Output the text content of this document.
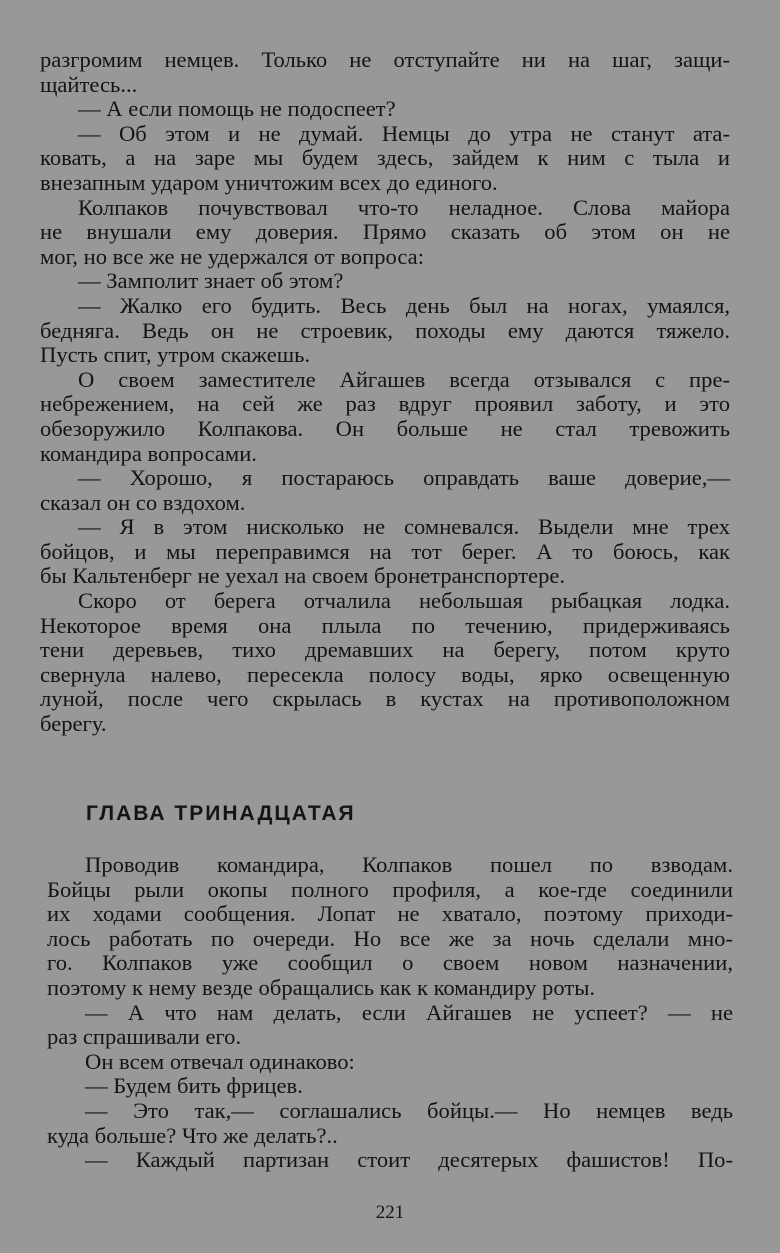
разгромим немцев. Только не отступайте ни на шаг, защи-
щайтесь...
— А если помощь не подоспеет?
— Об этом и не думай. Немцы до утра не станут ата-
ковать, а на заре мы будем здесь, зайдем к ним с тыла и
внезапным ударом уничтожим всех до единого.
Колпаков почувствовал что-то неладное. Слова майора
не внушали ему доверия. Прямо сказать об этом он не
мог, но все же не удержался от вопроса:
— Замполит знает об этом?
— Жалко его будить. Весь день был на ногах, умаялся,
бедняга. Ведь он не строевик, походы ему даются тяжело.
Пусть спит, утром скажешь.
О своем заместителе Айгашев всегда отзывался с пре-
небрежением, на сей же раз вдруг проявил заботу, и это
обезоружило Колпакова. Он больше не стал тревожить
командира вопросами.
— Хорошо, я постараюсь оправдать ваше доверие,—
сказал он со вздохом.
— Я в этом нисколько не сомневался. Выдели мне трех
бойцов, и мы переправимся на тот берег. А то боюсь, как
бы Кальтенберг не уехал на своем бронетранспортере.
Скоро от берега отчалила небольшая рыбацкая лодка.
Некоторое время она плыла по течению, придерживаясь
тени деревьев, тихо дремавших на берегу, потом круто
свернула налево, пересекла полосу воды, ярко освещенную
луной, после чего скрылась в кустах на противоположном
берегу.
ГЛАВА ТРИНАДЦАТАЯ
Проводив командира, Колпаков пошел по взводам.
Бойцы рыли окопы полного профиля, а кое-где соединили
их ходами сообщения. Лопат не хватало, поэтому приходи-
лось работать по очереди. Но все же за ночь сделали мно-
го. Колпаков уже сообщил о своем новом назначении,
поэтому к нему везде обращались как к командиру роты.
— А что нам делать, если Айгашев не успеет? — не
раз спрашивали его.
Он всем отвечал одинаково:
— Будем бить фрицев.
— Это так,— соглашались бойцы.— Но немцев ведь
куда больше? Что же делать?..
— Каждый партизан стоит десятерых фашистов! По-
221
